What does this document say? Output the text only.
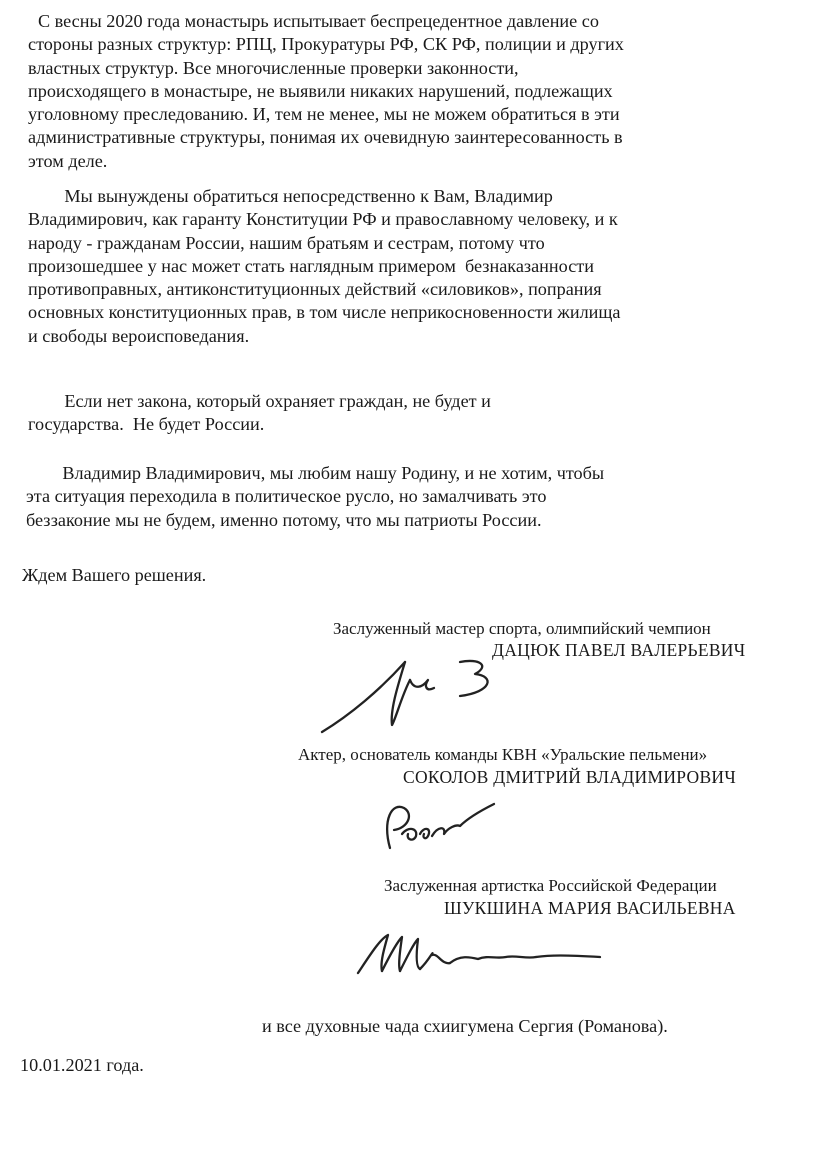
С весны 2020 года монастырь испытывает беспрецедентное давление со
стороны разных структур: РПЦ, Прокуратуры РФ, СК РФ, полиции и других
властных структур. Все многочисленные проверки законности,
происходящего в монастыре, не выявили никаких нарушений, подлежащих
уголовному преследованию. И, тем не менее, мы не можем обратиться в эти
административные структуры, понимая их очевидную заинтересованность в
этом деле.
Мы вынуждены обратиться непосредственно к Вам, Владимир
Владимирович, как гаранту Конституции РФ и православному человеку, и к
народу - гражданам России, нашим братьям и сестрам, потому что
произошедшее у нас может стать наглядным примером  безнаказанности
противоправных, антиконституционных действий «силовиков», попрания
основных конституционных прав, в том числе неприкосновенности жилища
и свободы вероисповедания.
Если нет закона, который охраняет граждан, не будет и
государства.  Не будет России.
Владимир Владимирович, мы любим нашу Родину, и не хотим, чтобы
эта ситуация переходила в политическое русло, но замалчивать это
беззаконие мы не будем, именно потому, что мы патриоты России.
Ждем Вашего решения.

Заслуженный мастер спорта, олимпийский чемпион

ДАЦЮК ПАВЕЛ ВАЛЕРЬЕВИЧ

Актер, основатель команды КВН «Уральские пельмени»

СОКОЛОВ ДМИТРИЙ ВЛАДИМИРОВИЧ

Заслуженная артистка Российской Федерации

ШУКШИНА МАРИЯ ВАСИЛЬЕВНА

и все духовные чада схиигумена Сергия (Романова).

10.01.2021 года.
